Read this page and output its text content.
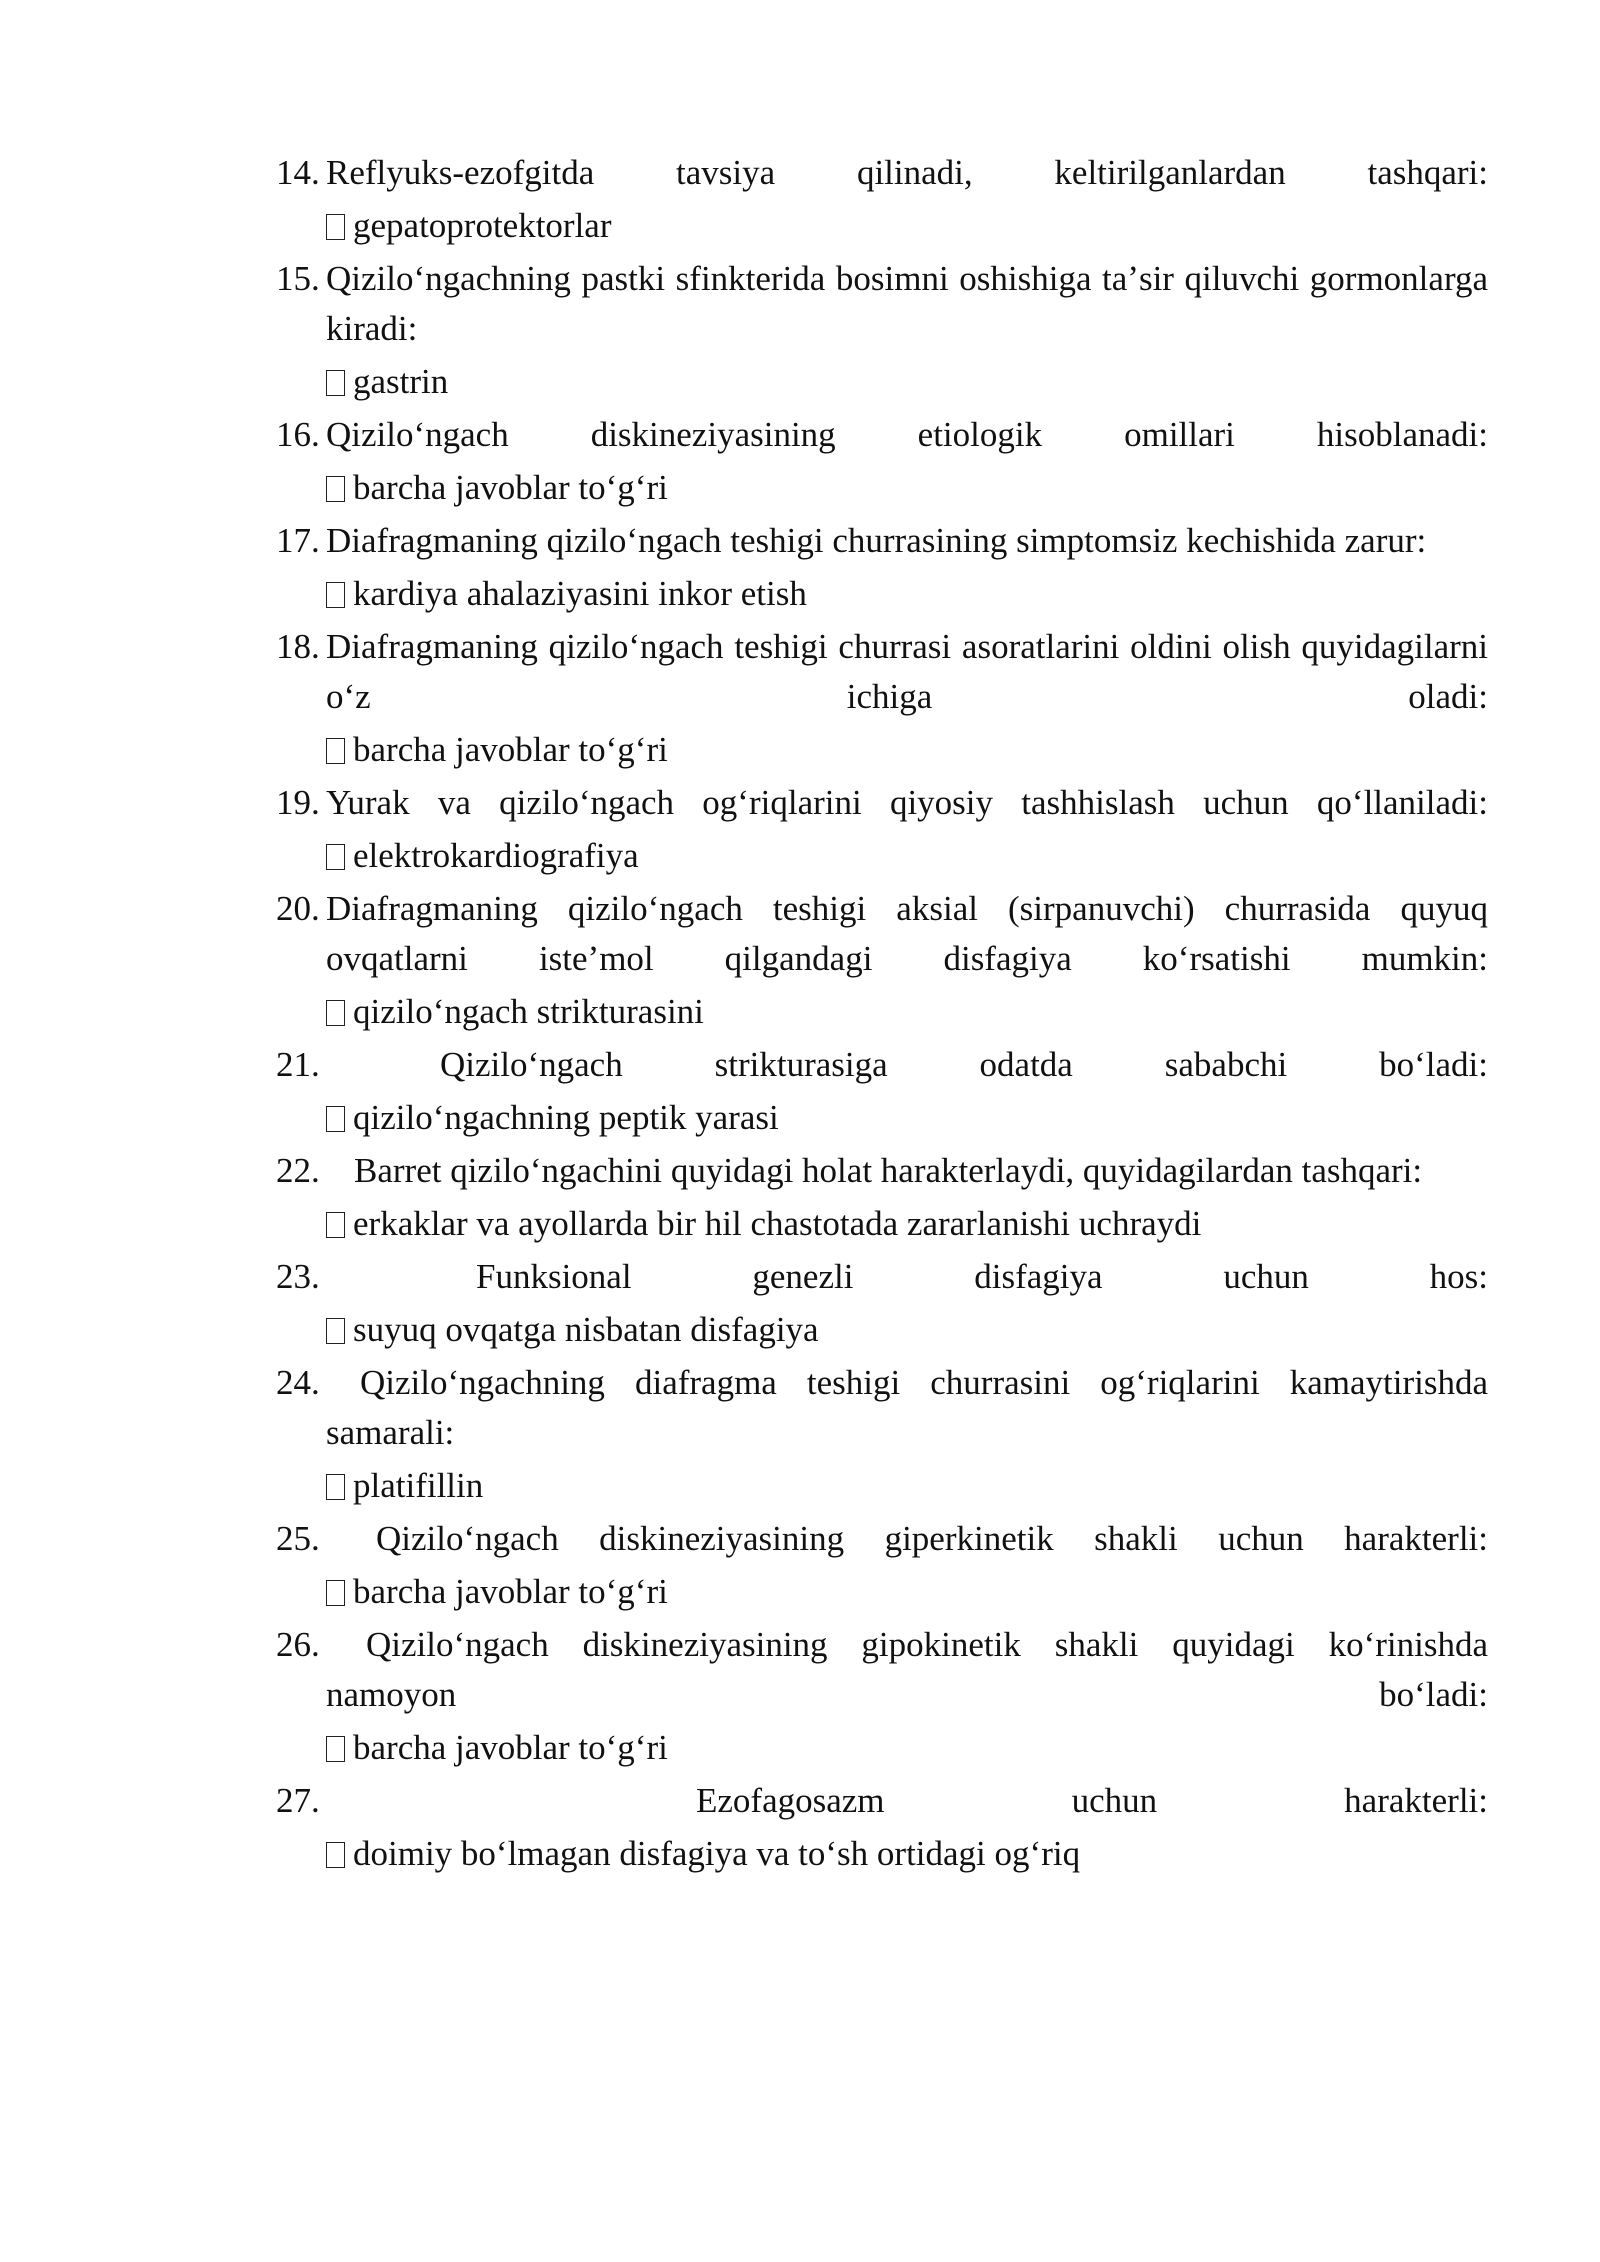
14. Reflyuks-ezofgitda tavsiya qilinadi, keltirilganlardan tashqari:
gepatoprotektorlar
15. Qiziloʻngachning pastki sfinkterida bosimni oshishiga taʼsir qiluvchi gormonlarga kiradi:
gastrin
16. Qiziloʻngach diskineziyasining etiologik omillari hisoblanadi:
barcha javoblar toʻgʻri
17. Diafragmaning qiziloʻngach teshigi churrasining simptomsiz kechishida zarur:
kardiya ahalaziyasini inkor etish
18. Diafragmaning qiziloʻngach teshigi churrasi asoratlarini oldini olish quyidagilarni oʻz ichiga oladi:
barcha javoblar toʻgʻri
19. Yurak va qiziloʻngach ogʻriqlarini qiyosiy tashhislash uchun qoʻllaniladi:
elektrokardiografiya
20. Diafragmaning qiziloʻngach teshigi aksial (sirpanuvchi) churrasida quyuq ovqatlarni isteʼmol qilgandagi disfagiya koʻrsatishi mumkin:
qiziloʻngach strikturasini
21.	Qiziloʻngach strikturasiga odatda sababchi boʻladi:
qiziloʻngachning peptik yarasi
22. Barret qiziloʻngachini quyidagi holat harakterlaydi, quyidagilardan tashqari:
erkaklar va ayollarda bir hil chastotada zararlanishi uchraydi
23.	Funksional genezli disfagiya uchun hos:
suyuq ovqatga nisbatan disfagiya
24.	Qiziloʻngachning diafragma teshigi churrasini ogʻriqlarini kamaytirishda samarali:
platifillin
25.	Qiziloʻngach diskineziyasining giperkinetik shakli uchun harakterli:
barcha javoblar toʻgʻri
26.	Qiziloʻngach diskineziyasining gipokinetik shakli quyidagi koʻrinishda namoyon boʻladi:
barcha javoblar toʻgʻri
27.	Ezofagosazm uchun harakterli:
doimiy boʻlmagan disfagiya va toʻsh ortidagi ogʻriq
